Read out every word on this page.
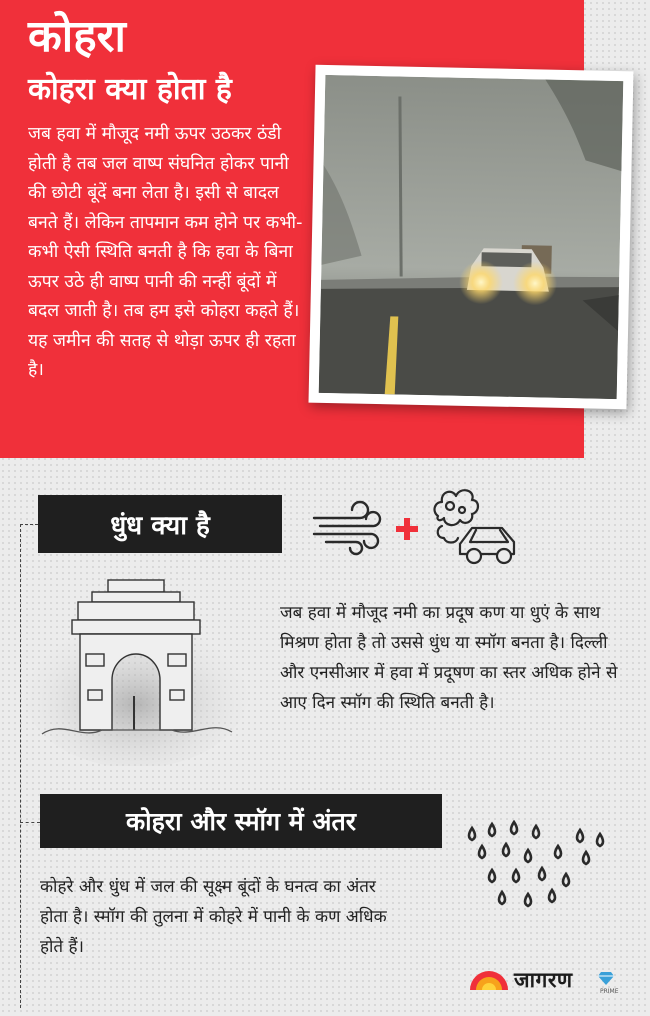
कोहरा
कोहरा क्या होता है
जब हवा में मौजूद नमी ऊपर उठकर ठंडी होती है तब जल वाष्प संघनित होकर पानी की छोटी बूंदें बना लेता है। इसी से बादल बनते हैं। लेकिन तापमान कम होने पर कभी-कभी ऐसी स्थिति बनती है कि हवा के बिना ऊपर उठे ही वाष्प पानी की नन्हीं बूंदों में बदल जाती है। तब हम इसे कोहरा कहते हैं। यह जमीन की सतह से थोड़ा ऊपर ही रहता है।
धुंध क्या है
जब हवा में मौजूद नमी का प्रदूष कण या धुएं के साथ मिश्रण होता है तो उससे धुंध या स्मॉग बनता है। दिल्ली और एनसीआर में हवा में प्रदूषण का स्तर अधिक होने से आए दिन स्मॉग की स्थिति बनती है।
कोहरा और स्मॉग में अंतर
कोहरे और धुंध में जल की सूक्ष्म बूंदों के घनत्व का अंतर होता है। स्मॉग की तुलना में कोहरे में पानी के कण अधिक होते हैं।
जागरण	PRIME
